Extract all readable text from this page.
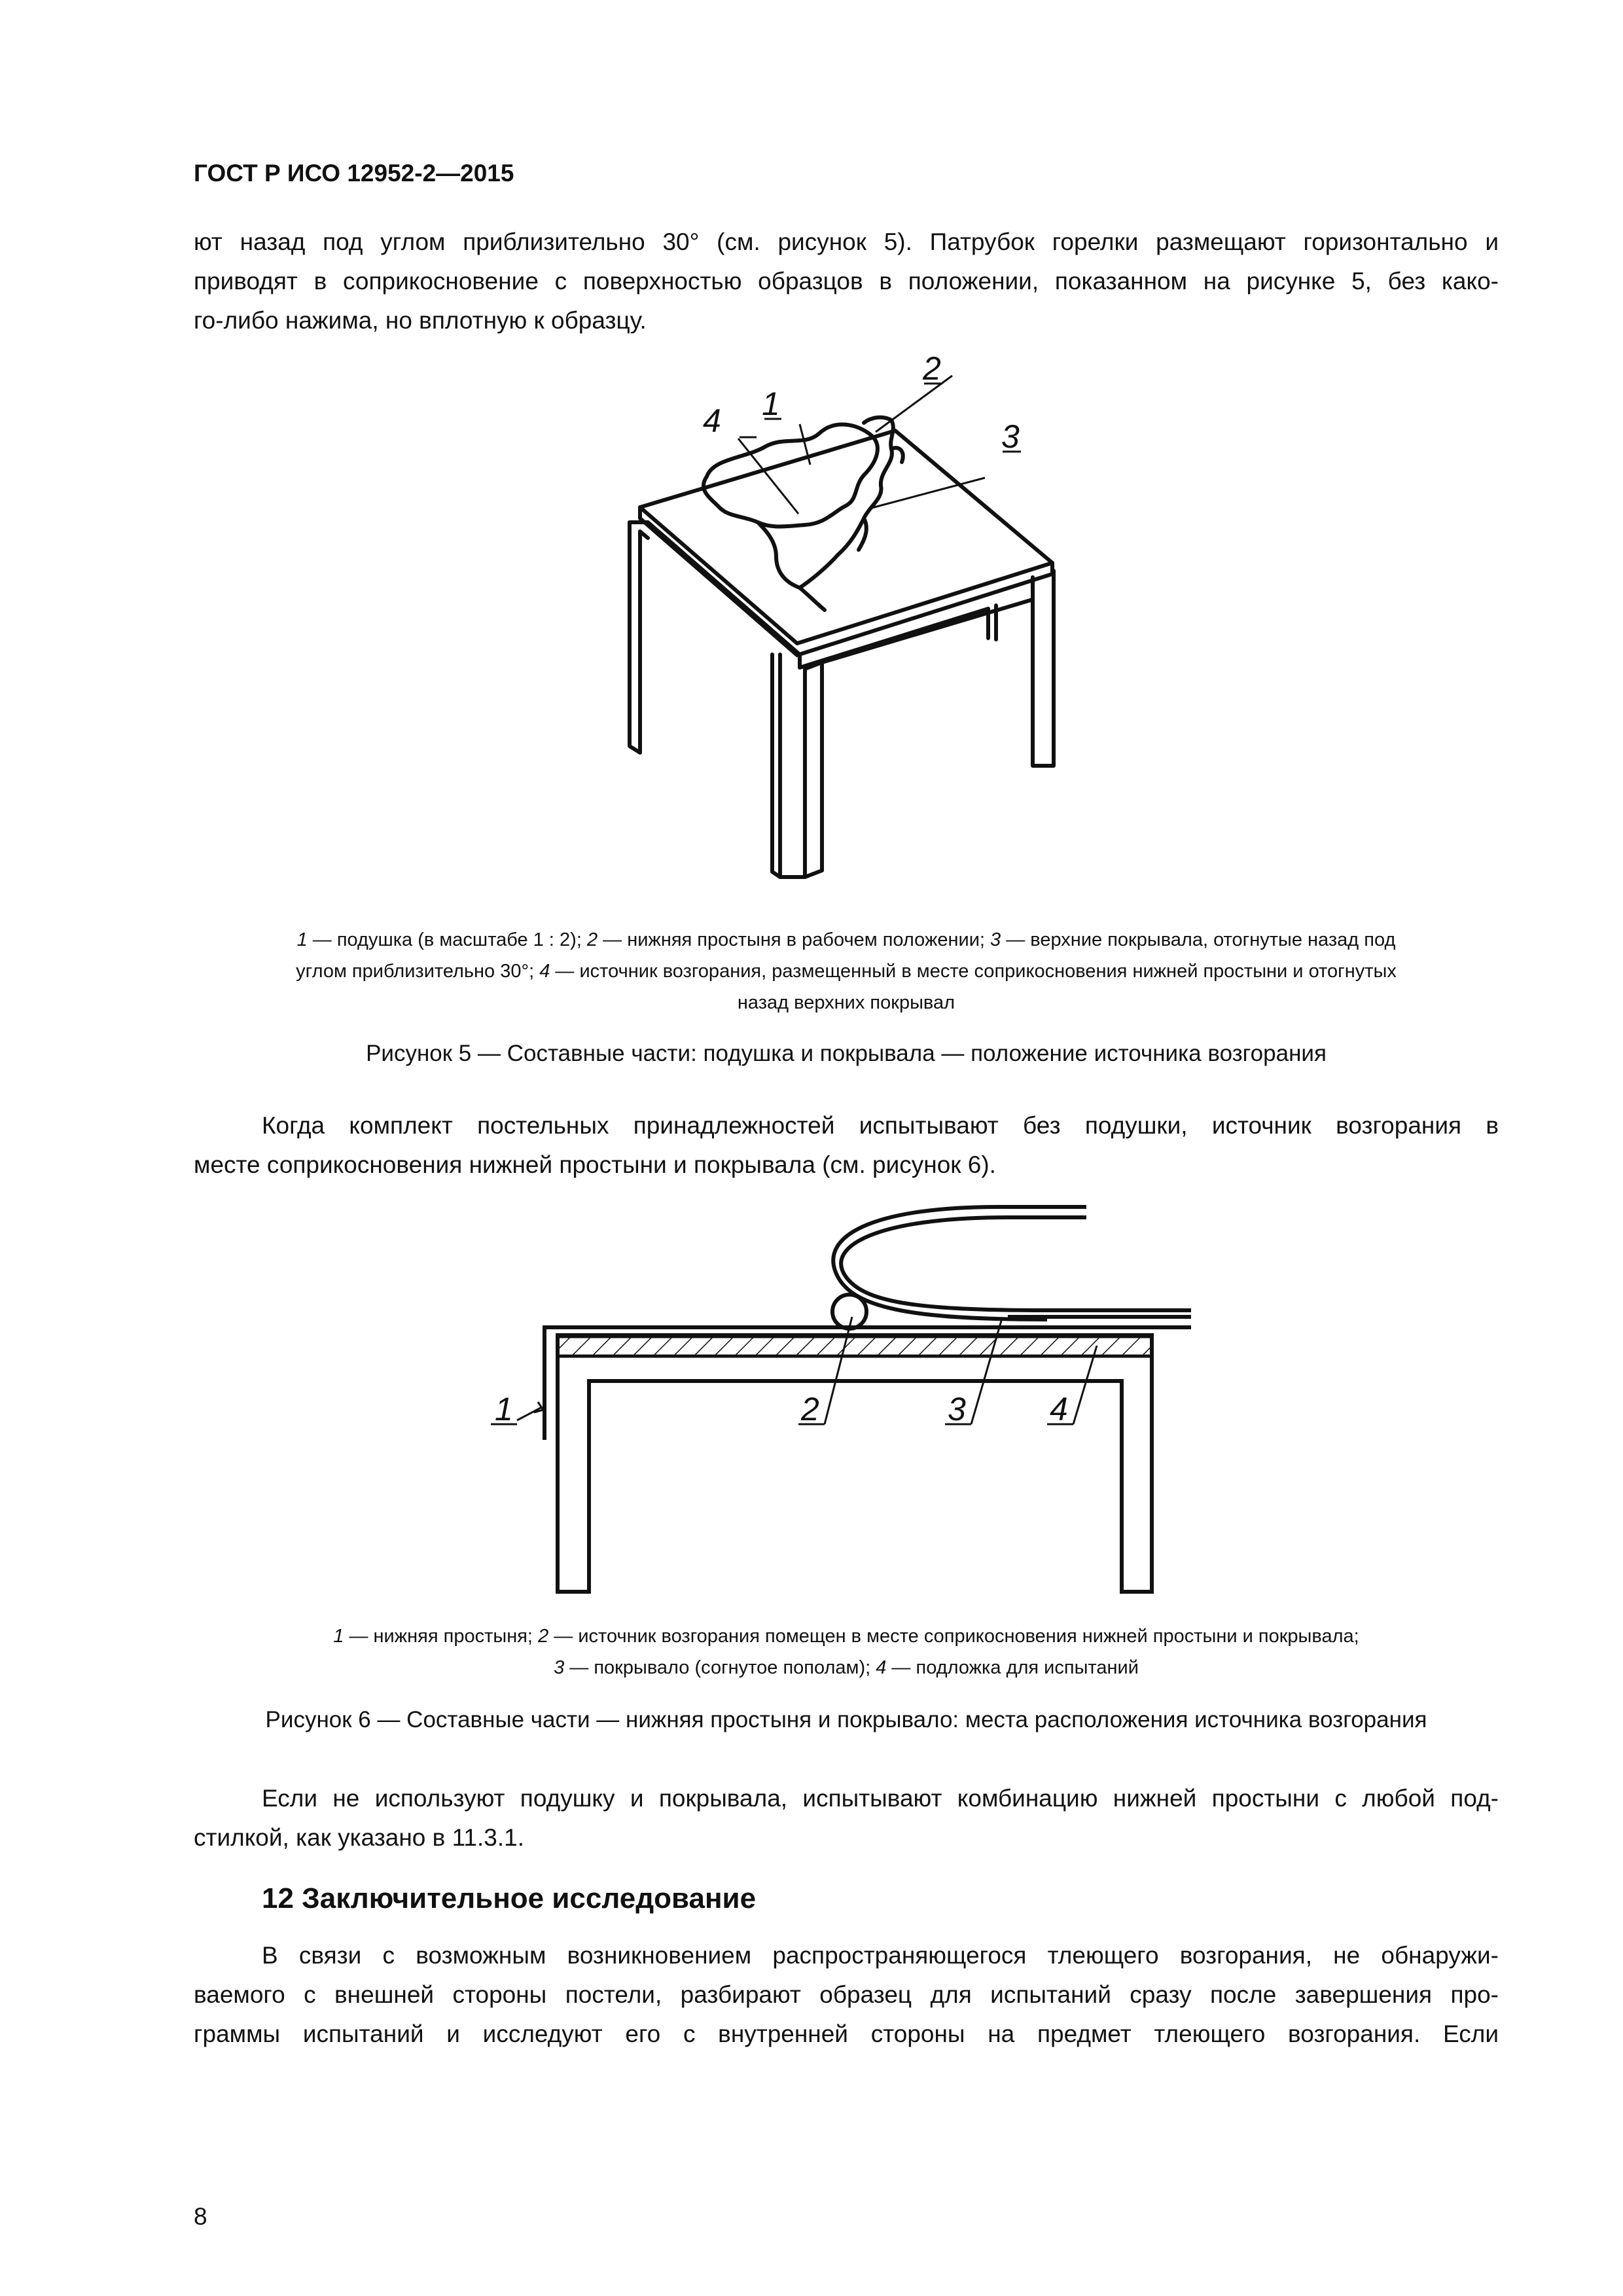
ГОСТ Р ИСО 12952-2—2015
ют назад под углом приблизительно 30° (см. рисунок 5). Патрубок горелки размещают горизонтально и
приводят в соприкосновение с поверхностью образцов в положении, показанном на рисунке 5, без како-
го-либо нажима, но вплотную к образцу.
1
2
3
4
1 — подушка (в масштабе 1 : 2); 2 — нижняя простыня в рабочем положении; 3 — верхние покрывала, отогнутые назад под
углом приблизительно 30°; 4 — источник возгорания, размещенный в месте соприкосновения нижней простыни и отогнутых
назад верхних покрывал
Рисунок 5 — Составные части: подушка и покрывала — положение источника возгорания
Когда комплект постельных принадлежностей испытывают без подушки, источник возгорания в
месте соприкосновения нижней простыни и покрывала (см. рисунок 6).
1	2	3	4
1 — нижняя простыня; 2 — источник возгорания помещен в месте соприкосновения нижней простыни и покрывала;
3 — покрывало (согнутое пополам); 4 — подложка для испытаний
Рисунок 6 — Составные части — нижняя простыня и покрывало: места расположения источника возгорания
Если не используют подушку и покрывала, испытывают комбинацию нижней простыни с любой под-
стилкой, как указано в 11.3.1.
12 Заключительное исследование
В связи с возможным возникновением распространяющегося тлеющего возгорания, не обнаружи-
ваемого с внешней стороны постели, разбирают образец для испытаний сразу после завершения про-
граммы испытаний и исследуют его с внутренней стороны на предмет тлеющего возгорания. Если
8
